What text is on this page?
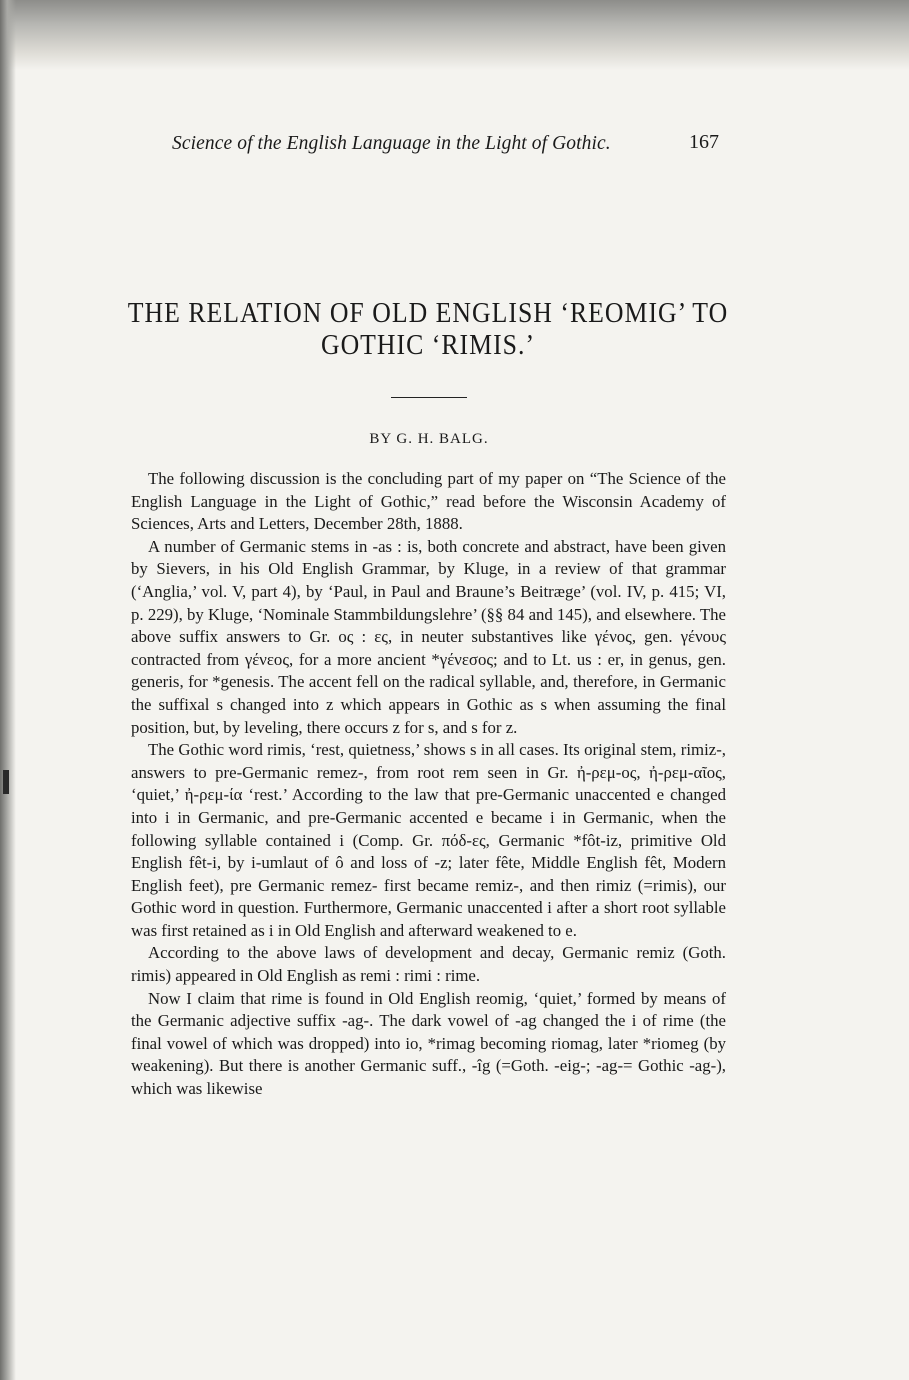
Science of the English Language in the Light of Gothic.	167
THE RELATION OF OLD ENGLISH ‘REOMIG’ TO
GOTHIC ‘RIMIS.’
BY G. H. BALG.

The following discussion is the concluding part of my paper on “The Science of the English Language in the Light of Gothic,” read before the Wisconsin Academy of Sciences, Arts and Letters, December 28th, 1888.

A number of Germanic stems in -as : is, both concrete and abstract, have been given by Sievers, in his Old English Grammar, by Kluge, in a review of that grammar (‘Anglia,’ vol. V, part 4), by ‘Paul, in Paul and Braune’s Beitræge’ (vol. IV, p. 415; VI, p. 229), by Kluge, ‘Nominale Stammbildungslehre’ (§§ 84 and 145), and elsewhere. The above suffix answers to Gr. ος : ες, in neuter substantives like γένος, gen. γένους contracted from γένεος, for a more ancient *γένεσος; and to Lt. us : er, in genus, gen. generis, for *genesis. The accent fell on the radical syllable, and, therefore, in Germanic the suffixal s changed into z which appears in Gothic as s when assuming the final position, but, by leveling, there occurs z for s, and s for z.

The Gothic word rimis, ‘rest, quietness,’ shows s in all cases. Its original stem, rimiz-, answers to pre-Germanic remez-, from root rem seen in Gr. ἠ-ρεμ-ος, ἠ-ρεμ-αῖος, ‘quiet,’ ἠ-ρεμ-ία ‘rest.’ According to the law that pre-Germanic unaccented e changed into i in Germanic, and pre-Germanic accented e became i in Germanic, when the following syllable contained i (Comp. Gr. πόδ-ες, Germanic *fôt-iz, primitive Old English fêt-i, by i-umlaut of ô and loss of -z; later fête, Middle English fêt, Modern English feet), pre Germanic remez- first became remiz-, and then rimiz (=rimis), our Gothic word in question. Furthermore, Germanic unaccented i after a short root syllable was first retained as i in Old English and afterward weakened to e.

According to the above laws of development and decay, Germanic remiz (Goth. rimis) appeared in Old English as remi : rimi : rime.

Now I claim that rime is found in Old English reomig, ‘quiet,’ formed by means of the Germanic adjective suffix -ag-. The dark vowel of -ag changed the i of rime (the final vowel of which was dropped) into io, *rimag becoming riomag, later *riomeg (by weakening). But there is another Germanic suff., -îg (=Goth. -eig-; -ag-= Gothic -ag-), which was likewise
